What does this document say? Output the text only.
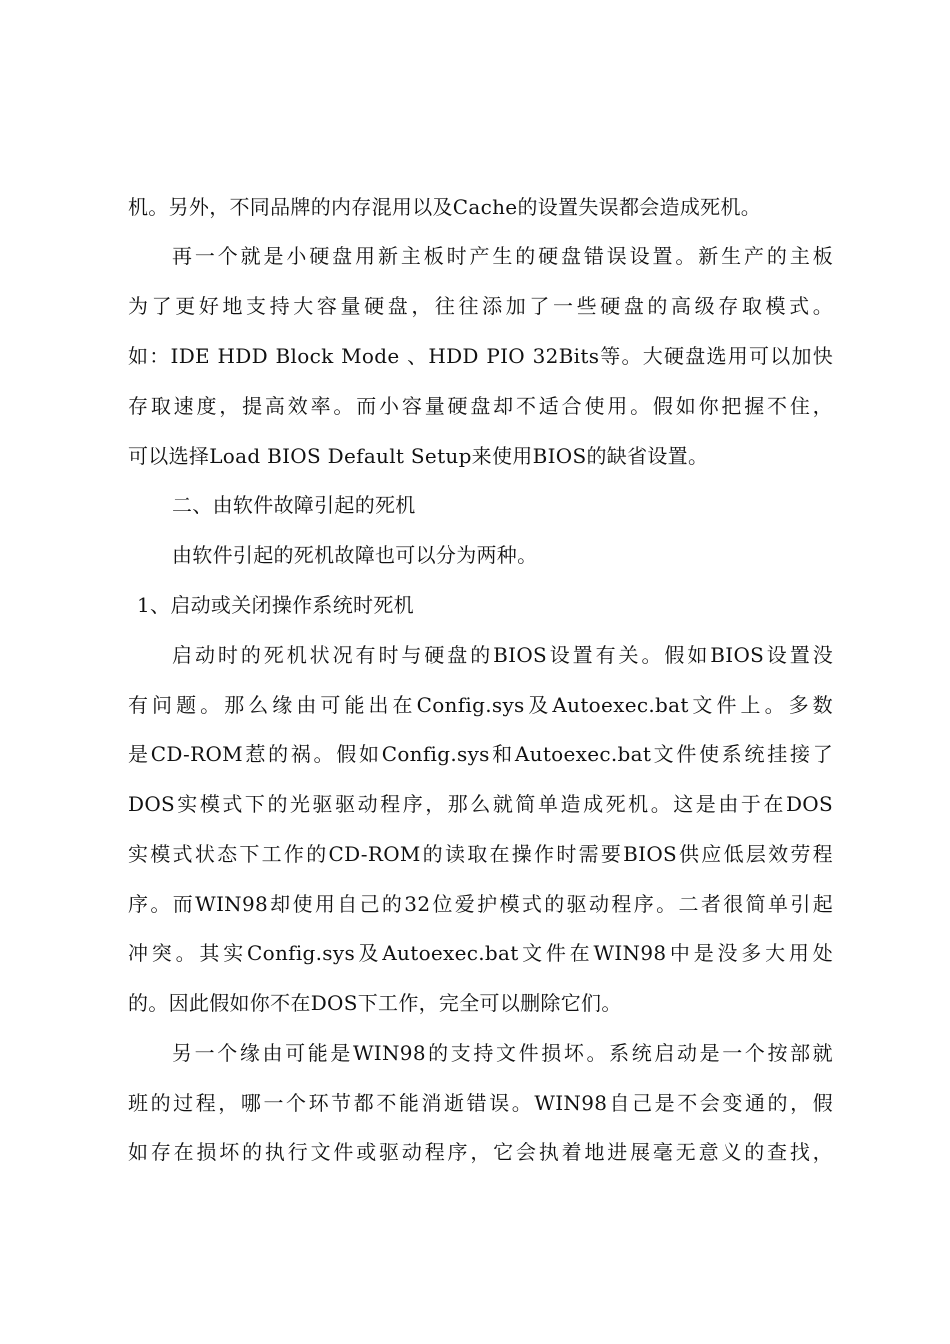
机。另外，不同品牌的内存混用以及Cache的设置失误都会造成死机。
再一个就是小硬盘用新主板时产生的硬盘错误设置。新生产的主板
为了更好地支持大容量硬盘，往往添加了一些硬盘的高级存取模式。
如：IDE HDD Block Mode 、HDD PIO 32Bits等。大硬盘选用可以加快
存取速度，提高效率。而小容量硬盘却不适合使用。假如你把握不住，
可以选择Load BIOS Default Setup来使用BIOS的缺省设置。
二、由软件故障引起的死机
由软件引起的死机故障也可以分为两种。
1、启动或关闭操作系统时死机
启动时的死机状况有时与硬盘的BIOS设置有关。假如BIOS设置没
有问题。那么缘由可能出在Config.sys及Autoexec.bat文件上。多数
是CD-ROM惹的祸。假如Config.sys和Autoexec.bat文件使系统挂接了
DOS实模式下的光驱驱动程序，那么就简单造成死机。这是由于在DOS
实模式状态下工作的CD-ROM的读取在操作时需要BIOS供应低层效劳程
序。而WIN98却使用自己的32位爱护模式的驱动程序。二者很简单引起
冲突。其实Config.sys及Autoexec.bat文件在WIN98中是没多大用处
的。因此假如你不在DOS下工作，完全可以删除它们。
另一个缘由可能是WIN98的支持文件损坏。系统启动是一个按部就
班的过程，哪一个环节都不能消逝错误。WIN98自己是不会变通的，假
如存在损坏的执行文件或驱动程序，它会执着地进展毫无意义的查找，
